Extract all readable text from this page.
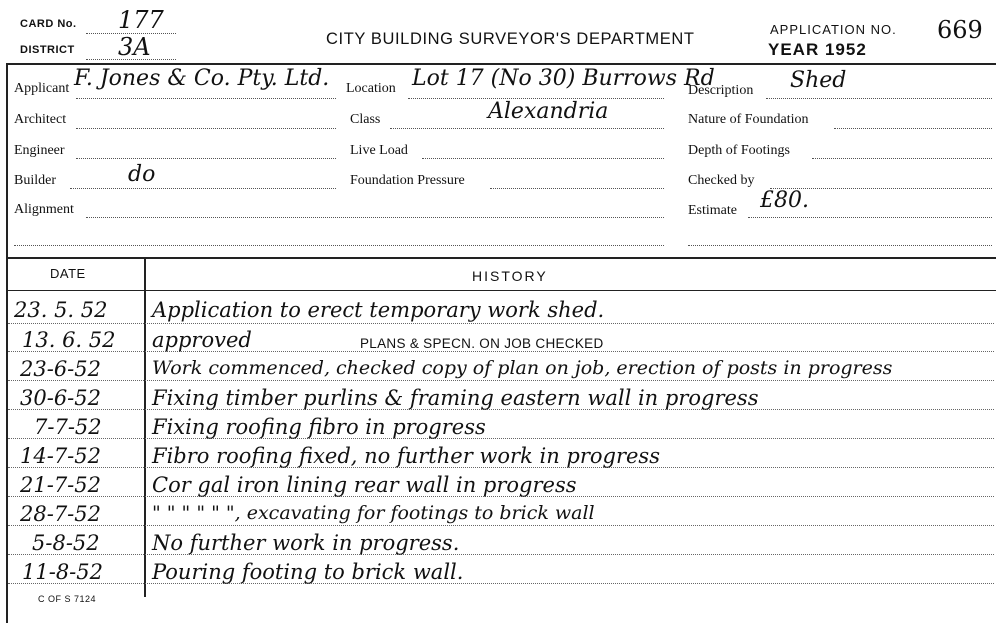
CARD No. 177
DISTRICT 3A	CITY BUILDING SURVEYOR'S DEPARTMENT
APPLICATION NO. 669
YEAR 1952
Applicant F. Jones & Co. Pty. Ltd.
Architect
Engineer
Builder	do
Alignment
Location Lot 17 (No 30) Burrows Rd
Class	Alexandria
Live Load
Foundation Pressure
Description Shed
Nature of Foundation
Depth of Footings
Checked by
Estimate £80.
DATE	HISTORY
23. 5. 52 Application to erect temporary work shed.
13. 6. 52 approved	PLANS & SPECN. ON JOB CHECKED
23-6-52	Work commenced, checked copy of plan on job, erection of posts in progress
30-6-52 Fixing timber purlins & framing eastern wall in progress
7-7-52 Fixing roofing fibro in progress
14-7-52 Fibro roofing fixed, no further work in progress
21-7-52 Cor gal iron lining rear wall in progress
28-7-52	" " " " " ", excavating for footings to brick wall
5-8-52 No further work in progress.
11-8-52 Pouring footing to brick wall.
C OF S 7124
